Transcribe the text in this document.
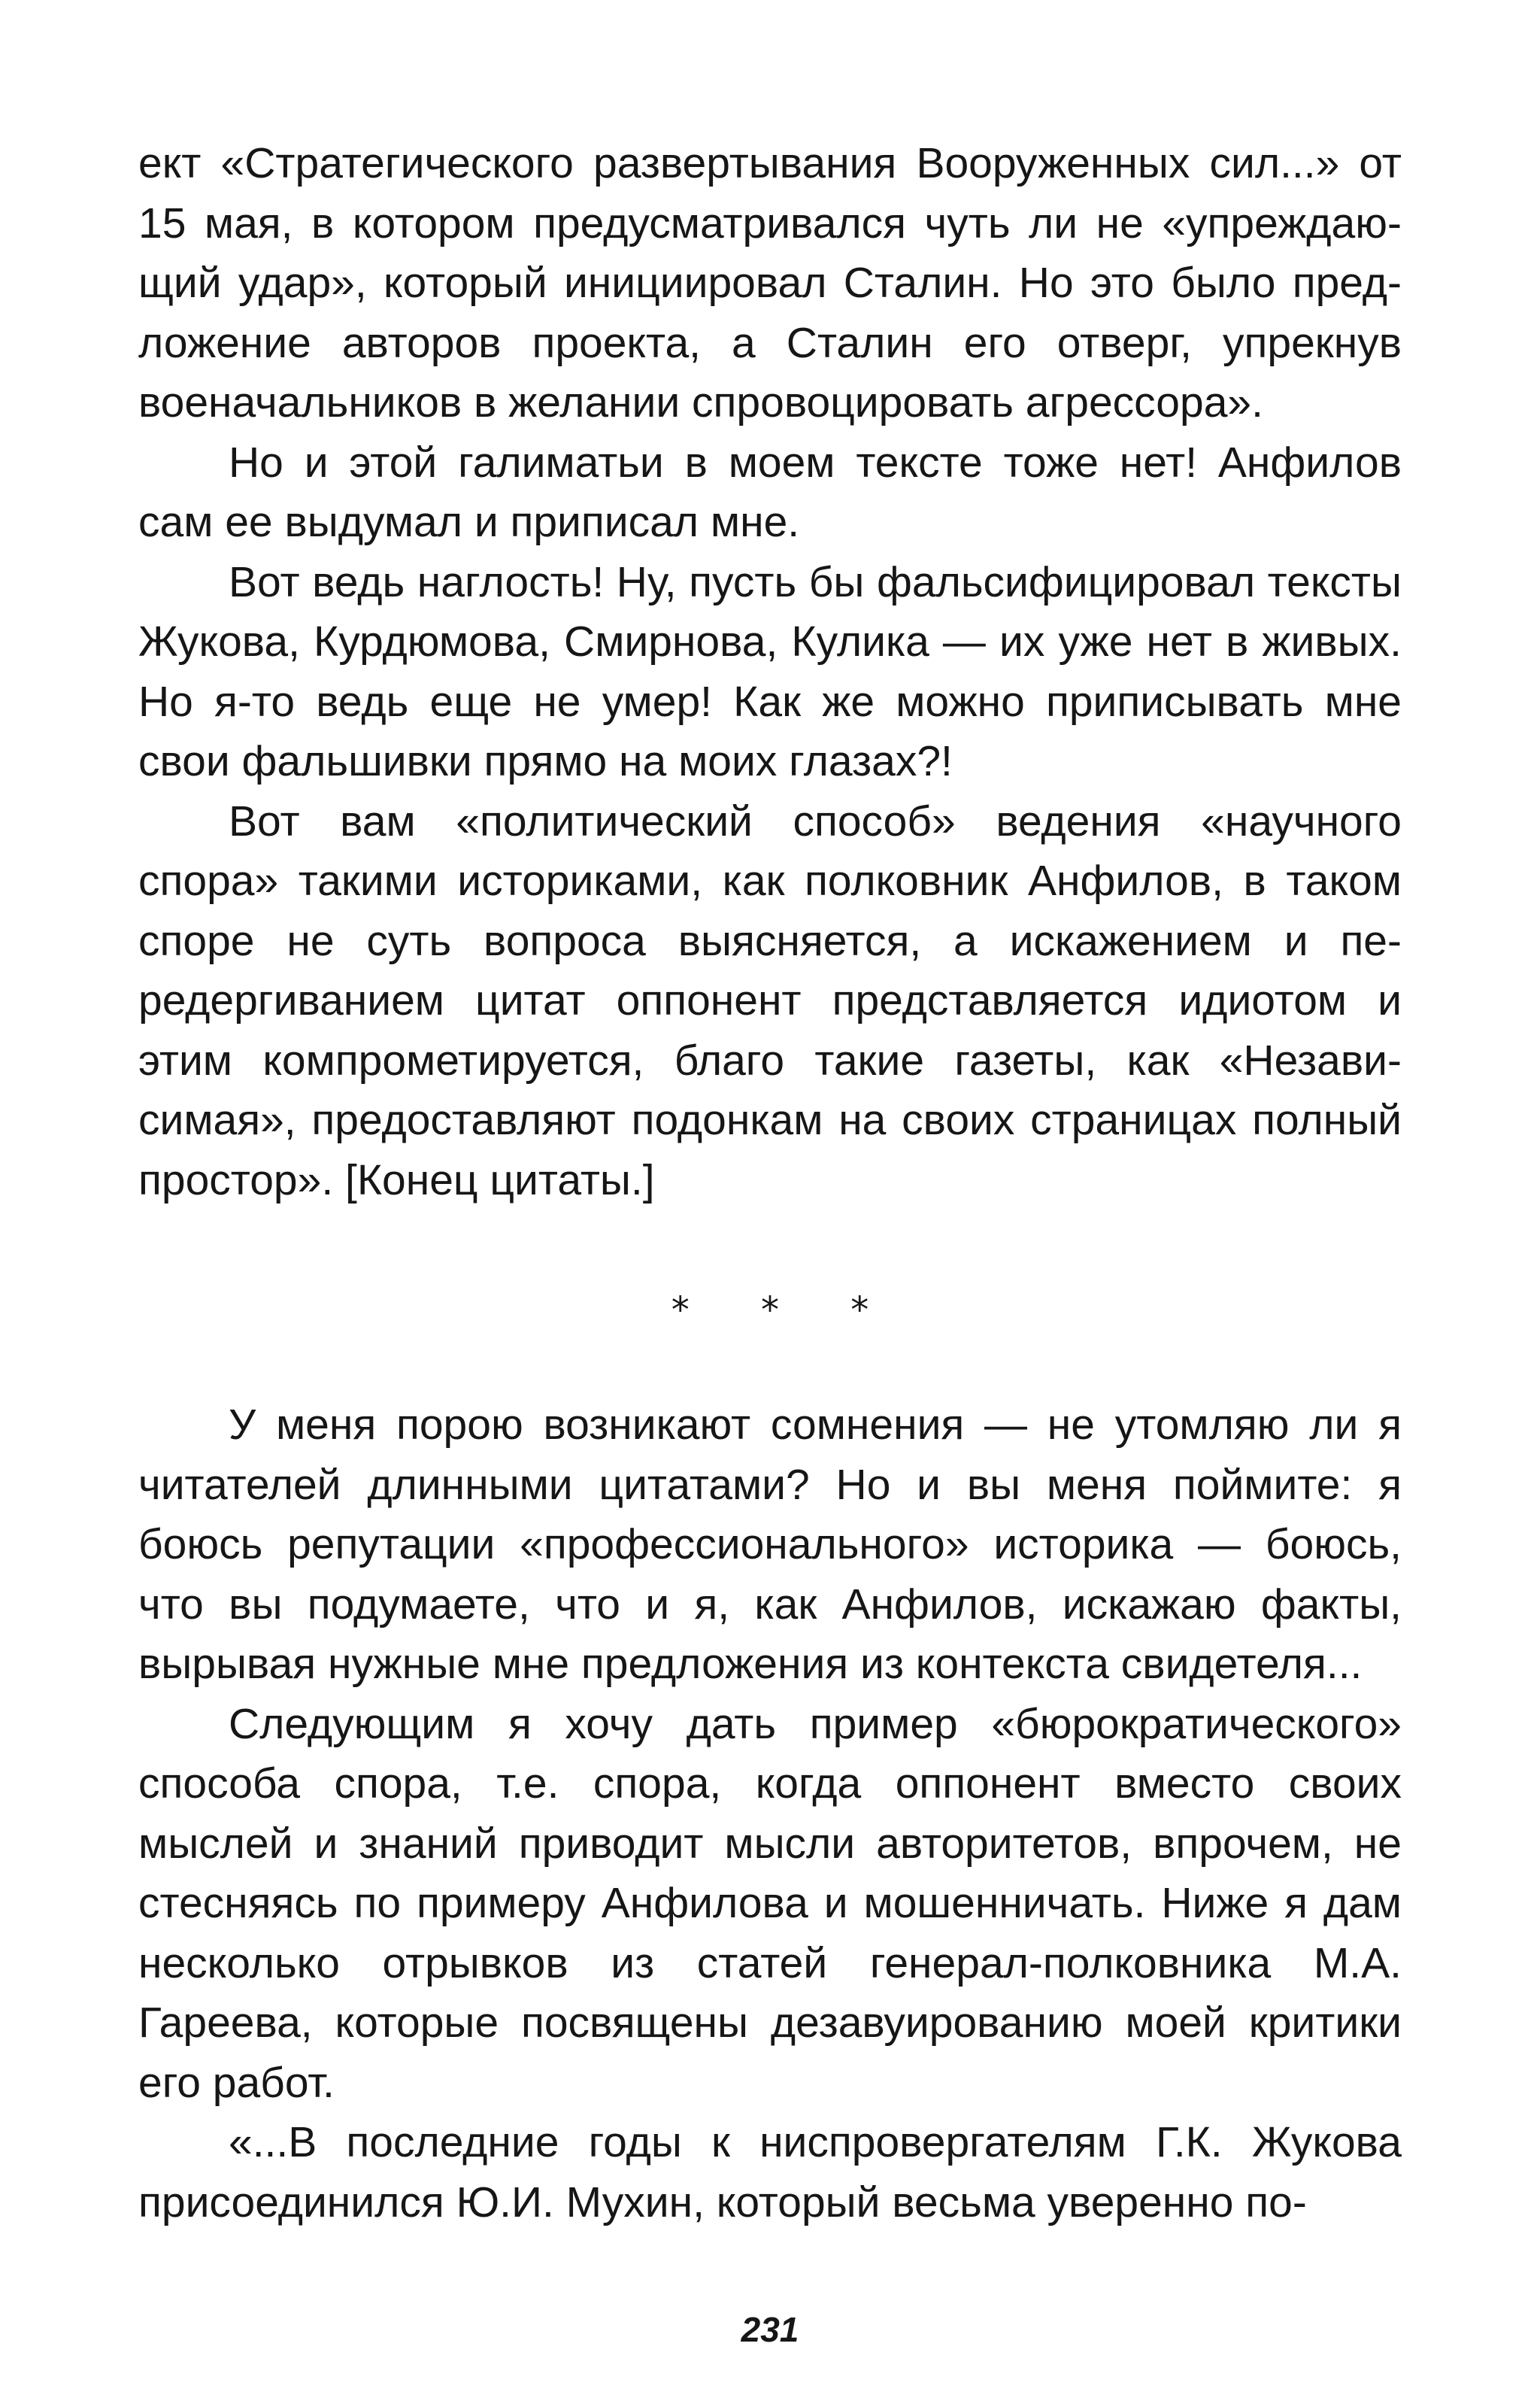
ект «Стратегического развертывания Вооруженных сил...» от 15 мая, в котором предусматривался чуть ли не «упреждающий удар», который инициировал Сталин. Но это было предложение авторов проекта, а Сталин его отверг, упрекнув военачальников в желании спровоцировать агрессора».

Но и этой галиматьи в моем тексте тоже нет! Анфилов сам ее выдумал и приписал мне.

Вот ведь наглость! Ну, пусть бы фальсифицировал тексты Жукова, Курдюмова, Смирнова, Кулика — их уже нет в живых. Но я-то ведь еще не умер! Как же можно приписывать мне свои фальшивки прямо на моих глазах?!

Вот вам «политический способ» ведения «научного спора» такими историками, как полковник Анфилов, в таком споре не суть вопроса выясняется, а искажением и передергиванием цитат оппонент представляется идиотом и этим компрометируется, благо такие газеты, как «Независимая», предоставляют подонкам на своих страницах полный простор». [Конец цитаты.]

* * *

У меня порою возникают сомнения — не утомляю ли я читателей длинными цитатами? Но и вы меня поймите: я боюсь репутации «профессионального» историка — боюсь, что вы подумаете, что и я, как Анфилов, искажаю факты, вырывая нужные мне предложения из контекста свидетеля...

Следующим я хочу дать пример «бюрократического» способа спора, т.е. спора, когда оппонент вместо своих мыслей и знаний приводит мысли авторитетов, впрочем, не стесняясь по примеру Анфилова и мошенничать. Ниже я дам несколько отрывков из статей генерал-полковника М.А. Гареева, которые посвящены дезавуированию моей критики его работ.

«...В последние годы к ниспровергателям Г.К. Жукова присоединился Ю.И. Мухин, который весьма уверенно по-

231
